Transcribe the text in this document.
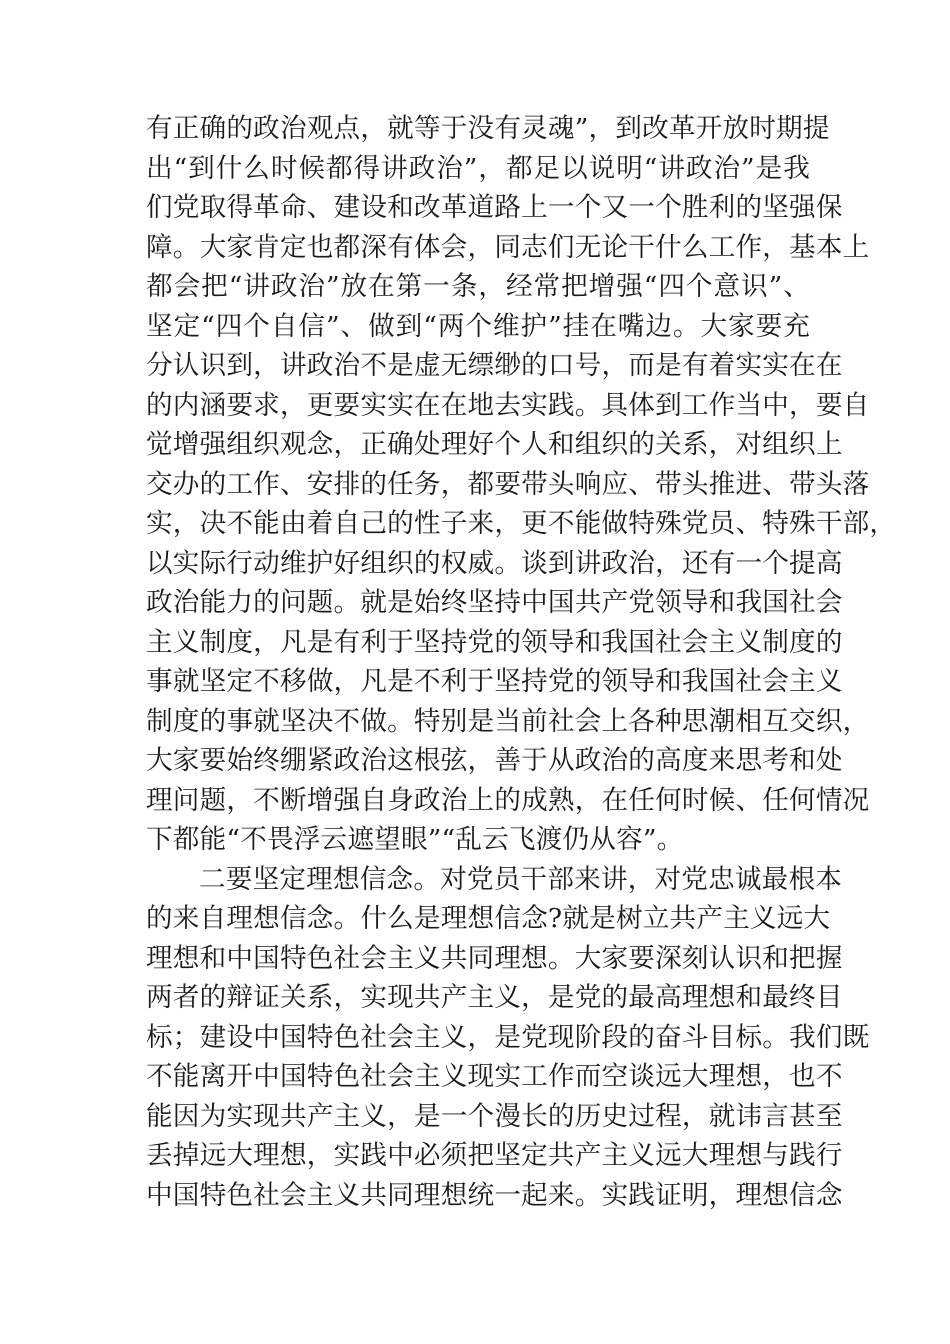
有正确的政治观点，就等于没有灵魂”，到改革开放时期提
出“到什么时候都得讲政治”，都足以说明“讲政治”是我
们党取得革命、建设和改革道路上一个又一个胜利的坚强保
障。大家肯定也都深有体会，同志们无论干什么工作，基本上
都会把“讲政治”放在第一条，经常把增强“四个意识”、
坚定“四个自信”、做到“两个维护”挂在嘴边。大家要充
分认识到，讲政治不是虚无缥缈的口号，而是有着实实在在
的内涵要求，更要实实在在地去实践。具体到工作当中，要自
觉增强组织观念，正确处理好个人和组织的关系，对组织上
交办的工作、安排的任务，都要带头响应、带头推进、带头落
实，决不能由着自己的性子来，更不能做特殊党员、特殊干部，
以实际行动维护好组织的权威。谈到讲政治，还有一个提高
政治能力的问题。就是始终坚持中国共产党领导和我国社会
主义制度，凡是有利于坚持党的领导和我国社会主义制度的
事就坚定不移做，凡是不利于坚持党的领导和我国社会主义
制度的事就坚决不做。特别是当前社会上各种思潮相互交织，
大家要始终绷紧政治这根弦，善于从政治的高度来思考和处
理问题，不断增强自身政治上的成熟，在任何时候、任何情况
下都能“不畏浮云遮望眼”“乱云飞渡仍从容”。
二要坚定理想信念。对党员干部来讲，对党忠诚最根本
的来自理想信念。什么是理想信念?就是树立共产主义远大
理想和中国特色社会主义共同理想。大家要深刻认识和把握
两者的辩证关系，实现共产主义，是党的最高理想和最终目
标；建设中国特色社会主义，是党现阶段的奋斗目标。我们既
不能离开中国特色社会主义现实工作而空谈远大理想，也不
能因为实现共产主义，是一个漫长的历史过程，就讳言甚至
丢掉远大理想，实践中必须把坚定共产主义远大理想与践行
中国特色社会主义共同理想统一起来。实践证明，理想信念
